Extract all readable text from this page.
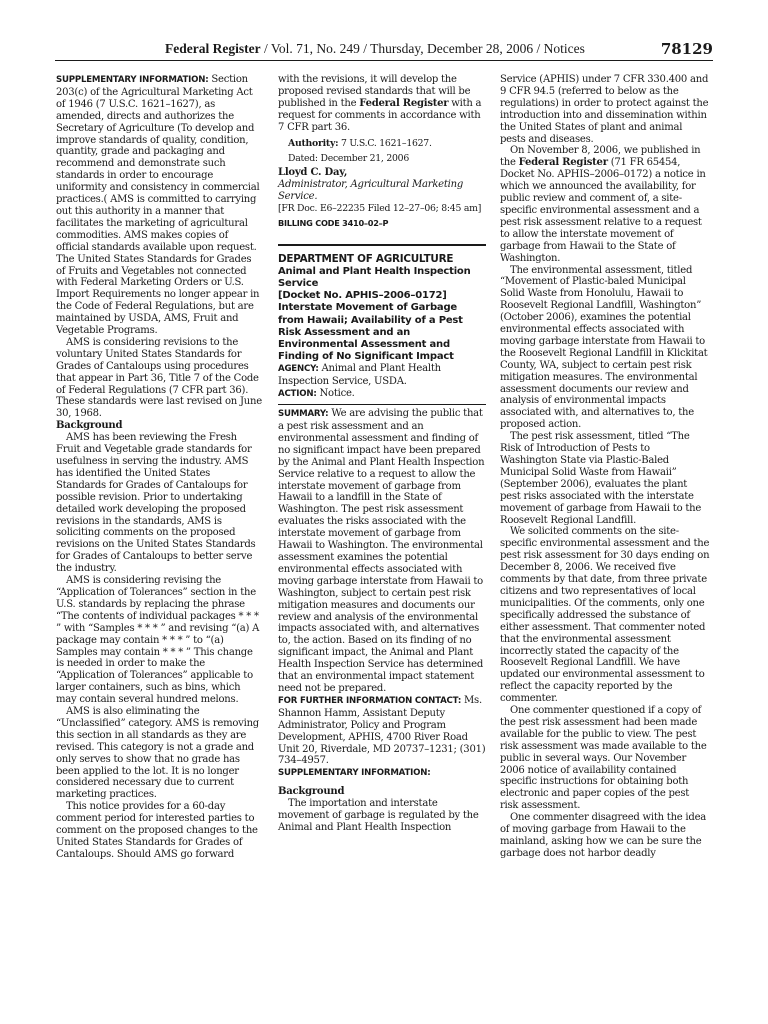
Federal Register / Vol. 71, No. 249 / Thursday, December 28, 2006 / Notices	78129

SUPPLEMENTARY INFORMATION: Section 203(c) of the Agricultural Marketing Act of 1946 (7 U.S.C. 1621–1627), as amended, directs and authorizes the Secretary of Agriculture (To develop and improve standards of quality, condition, quantity, grade and packaging and recommend and demonstrate such standards in order to encourage uniformity and consistency in commercial practices.( AMS is committed to carrying out this authority in a manner that facilitates the marketing of agricultural commodities. AMS makes copies of official standards available upon request. The United States Standards for Grades of Fruits and Vegetables not connected with Federal Marketing Orders or U.S. Import Requirements no longer appear in the Code of Federal Regulations, but are maintained by USDA, AMS, Fruit and Vegetable Programs.

AMS is considering revisions to the voluntary United States Standards for Grades of Cantaloups using procedures that appear in Part 36, Title 7 of the Code of Federal Regulations (7 CFR part 36). These standards were last revised on June 30, 1968.

Background

AMS has been reviewing the Fresh Fruit and Vegetable grade standards for usefulness in serving the industry. AMS has identified the United States Standards for Grades of Cantaloups for possible revision. Prior to undertaking detailed work developing the proposed revisions in the standards, AMS is soliciting comments on the proposed revisions on the United States Standards for Grades of Cantaloups to better serve the industry.

AMS is considering revising the “Application of Tolerances” section in the U.S. standards by replacing the phrase “The contents of individual packages * * * ” with “Samples * * * ” and revising “(a) A package may contain * * * ” to “(a) Samples may contain * * * ” This change is needed in order to make the “Application of Tolerances” applicable to larger containers, such as bins, which may contain several hundred melons.

AMS is also eliminating the “Unclassified” category. AMS is removing this section in all standards as they are revised. This category is not a grade and only serves to show that no grade has been applied to the lot. It is no longer considered necessary due to current marketing practices.

This notice provides for a 60-day comment period for interested parties to comment on the proposed changes to the United States Standards for Grades of Cantaloups. Should AMS go forward

with the revisions, it will develop the proposed revised standards that will be published in the Federal Register with a request for comments in accordance with 7 CFR part 36.

Authority: 7 U.S.C. 1621–1627.

Dated: December 21, 2006

Lloyd C. Day,

Administrator, Agricultural Marketing Service.

[FR Doc. E6–22235 Filed 12–27–06; 8:45 am]

BILLING CODE 3410–02–P

DEPARTMENT OF AGRICULTURE

Animal and Plant Health Inspection Service

[Docket No. APHIS–2006–0172]

Interstate Movement of Garbage from Hawaii; Availability of a Pest Risk Assessment and an Environmental Assessment and Finding of No Significant Impact

AGENCY: Animal and Plant Health Inspection Service, USDA.

ACTION: Notice.

SUMMARY: We are advising the public that a pest risk assessment and an environmental assessment and finding of no significant impact have been prepared by the Animal and Plant Health Inspection Service relative to a request to allow the interstate movement of garbage from Hawaii to a landfill in the State of Washington. The pest risk assessment evaluates the risks associated with the interstate movement of garbage from Hawaii to Washington. The environmental assessment examines the potential environmental effects associated with moving garbage interstate from Hawaii to Washington, subject to certain pest risk mitigation measures and documents our review and analysis of the environmental impacts associated with, and alternatives to, the action. Based on its finding of no significant impact, the Animal and Plant Health Inspection Service has determined that an environmental impact statement need not be prepared.

FOR FURTHER INFORMATION CONTACT: Ms. Shannon Hamm, Assistant Deputy Administrator, Policy and Program Development, APHIS, 4700 River Road Unit 20, Riverdale, MD 20737–1231; (301) 734–4957.

SUPPLEMENTARY INFORMATION:

Background

The importation and interstate movement of garbage is regulated by the Animal and Plant Health Inspection

Service (APHIS) under 7 CFR 330.400 and 9 CFR 94.5 (referred to below as the regulations) in order to protect against the introduction into and dissemination within the United States of plant and animal pests and diseases.

On November 8, 2006, we published in the Federal Register (71 FR 65454, Docket No. APHIS–2006–0172) a notice in which we announced the availability, for public review and comment of, a site-specific environmental assessment and a pest risk assessment relative to a request to allow the interstate movement of garbage from Hawaii to the State of Washington.

The environmental assessment, titled “Movement of Plastic-baled Municipal Solid Waste from Honolulu, Hawaii to Roosevelt Regional Landfill, Washington” (October 2006), examines the potential environmental effects associated with moving garbage interstate from Hawaii to the Roosevelt Regional Landfill in Klickitat County, WA, subject to certain pest risk mitigation measures. The environmental assessment documents our review and analysis of environmental impacts associated with, and alternatives to, the proposed action.

The pest risk assessment, titled “The Risk of Introduction of Pests to Washington State via Plastic-Baled Municipal Solid Waste from Hawaii” (September 2006), evaluates the plant pest risks associated with the interstate movement of garbage from Hawaii to the Roosevelt Regional Landfill.

We solicited comments on the site-specific environmental assessment and the pest risk assessment for 30 days ending on December 8, 2006. We received five comments by that date, from three private citizens and two representatives of local municipalities. Of the comments, only one specifically addressed the substance of either assessment. That commenter noted that the environmental assessment incorrectly stated the capacity of the Roosevelt Regional Landfill. We have updated our environmental assessment to reflect the capacity reported by the commenter.

One commenter questioned if a copy of the pest risk assessment had been made available for the public to view. The pest risk assessment was made available to the public in several ways. Our November 2006 notice of availability contained specific instructions for obtaining both electronic and paper copies of the pest risk assessment.

One commenter disagreed with the idea of moving garbage from Hawaii to the mainland, asking how we can be sure the garbage does not harbor deadly
